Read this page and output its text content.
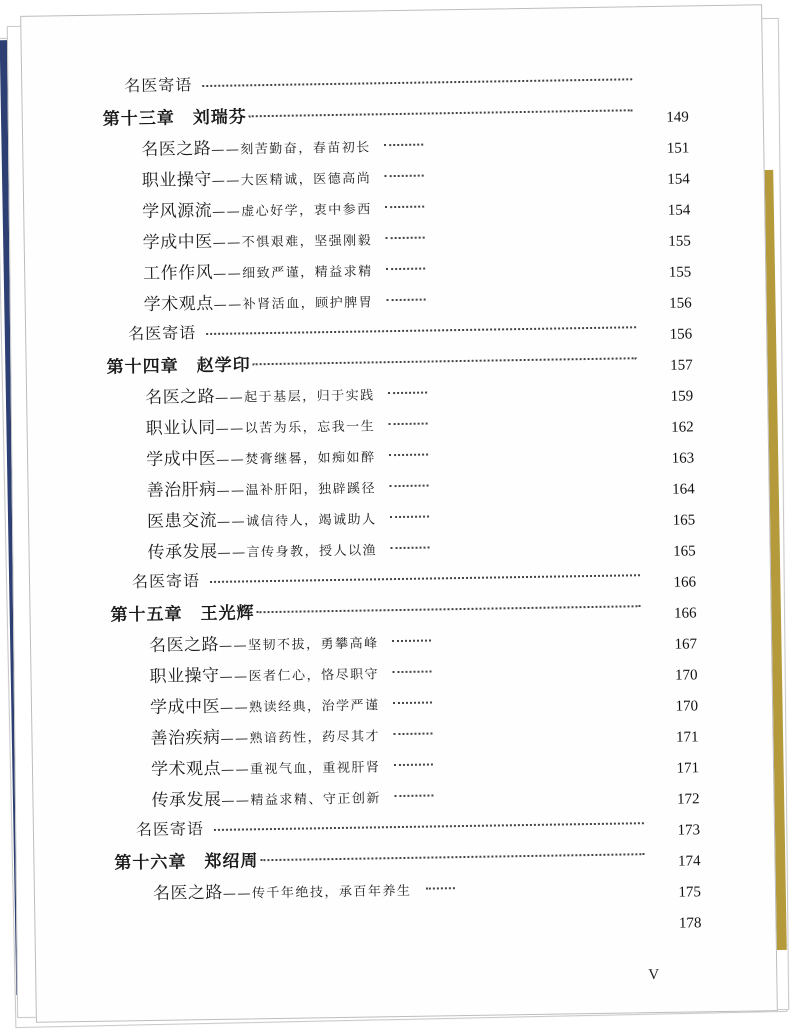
名医寄语
第十三章　刘瑞芬	149
名医之路——刻苦勤奋，春苗初长	151
职业操守——大医精诚，医德高尚	154
学风源流——虚心好学，衷中参西	154
学成中医——不惧艰难，坚强刚毅	155
工作作风——细致严谨，精益求精	155
学术观点——补肾活血，顾护脾胃	156
名医寄语	156
第十四章　赵学印	157
名医之路——起于基层，归于实践	159
职业认同——以苦为乐，忘我一生	162
学成中医——焚膏继晷，如痴如醉	163
善治肝病——温补肝阳，独辟蹊径	164
医患交流——诚信待人，竭诚助人	165
传承发展——言传身教，授人以渔	165
名医寄语	166
第十五章　王光辉	166
名医之路——坚韧不拔，勇攀高峰	167
职业操守——医者仁心，恪尽职守	170
学成中医——熟读经典，治学严谨	170
善治疾病——熟谙药性，药尽其才	171
学术观点——重视气血，重视肝肾	171
传承发展——精益求精、守正创新	172
名医寄语	173
第十六章　郑绍周	174
名医之路——传千年绝技，承百年养生	175
178
V
